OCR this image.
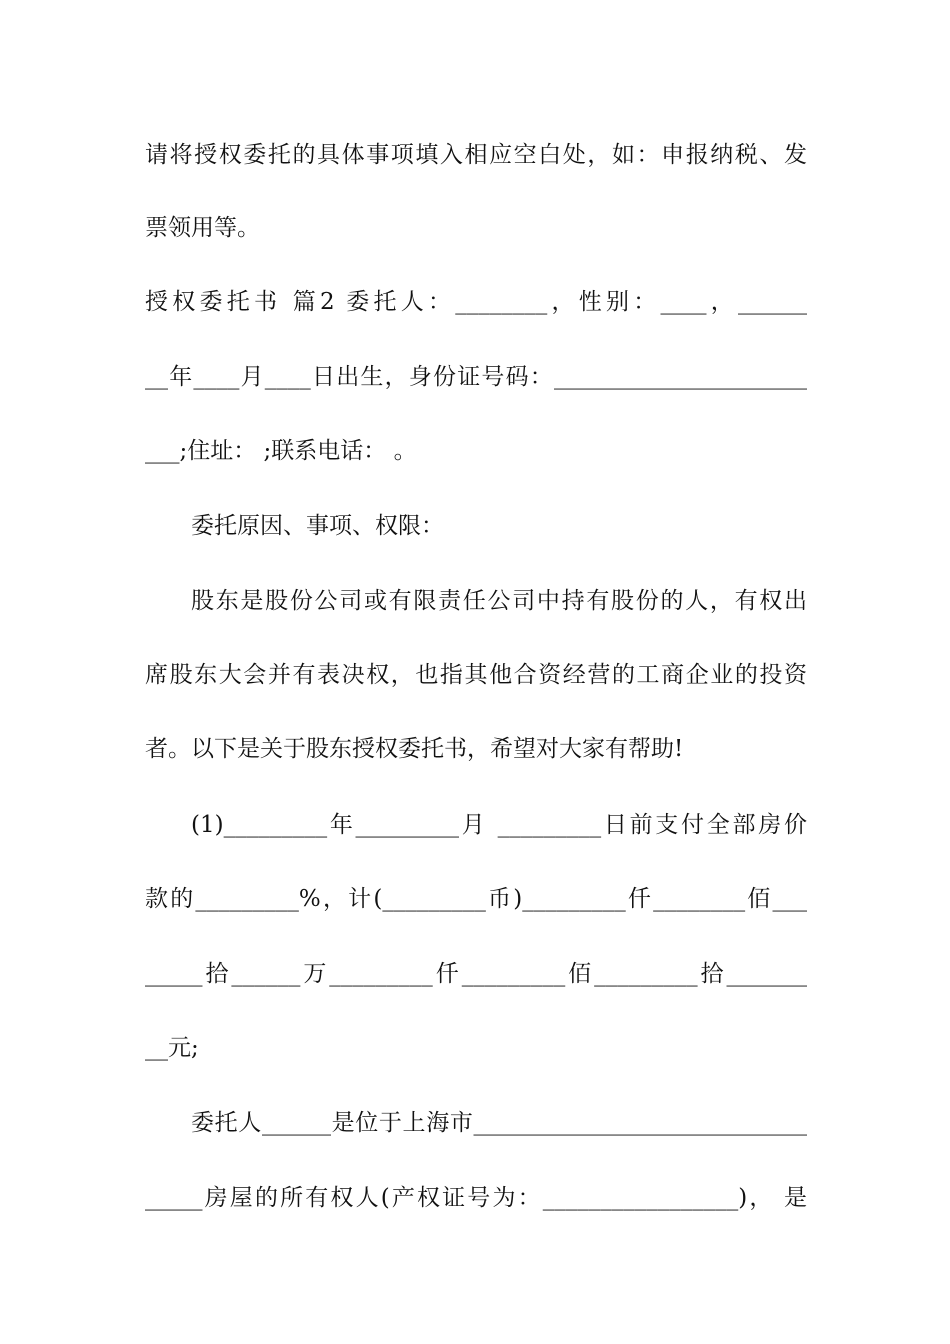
请将授权委托的具体事项填入相应空白处，如：申报纳税、发
票领用等。
授权委托书 篇2 委托人：________，性别：____，______
__年____月____日出生，身份证号码：______________________
___;住址： ;联系电话： 。
委托原因、事项、权限：
股东是股份公司或有限责任公司中持有股份的人，有权出
席股东大会并有表决权，也指其他合资经营的工商企业的投资
者。以下是关于股东授权委托书，希望对大家有帮助!
(1)_________年_________月 _________日前支付全部房价
款的_________%，计(_________币)_________仟________佰___
_____拾______万_________仟_________佰_________拾_______
__元;
委托人______是位于上海市_____________________________
_____房屋的所有权人(产权证号为：_________________)， 是
